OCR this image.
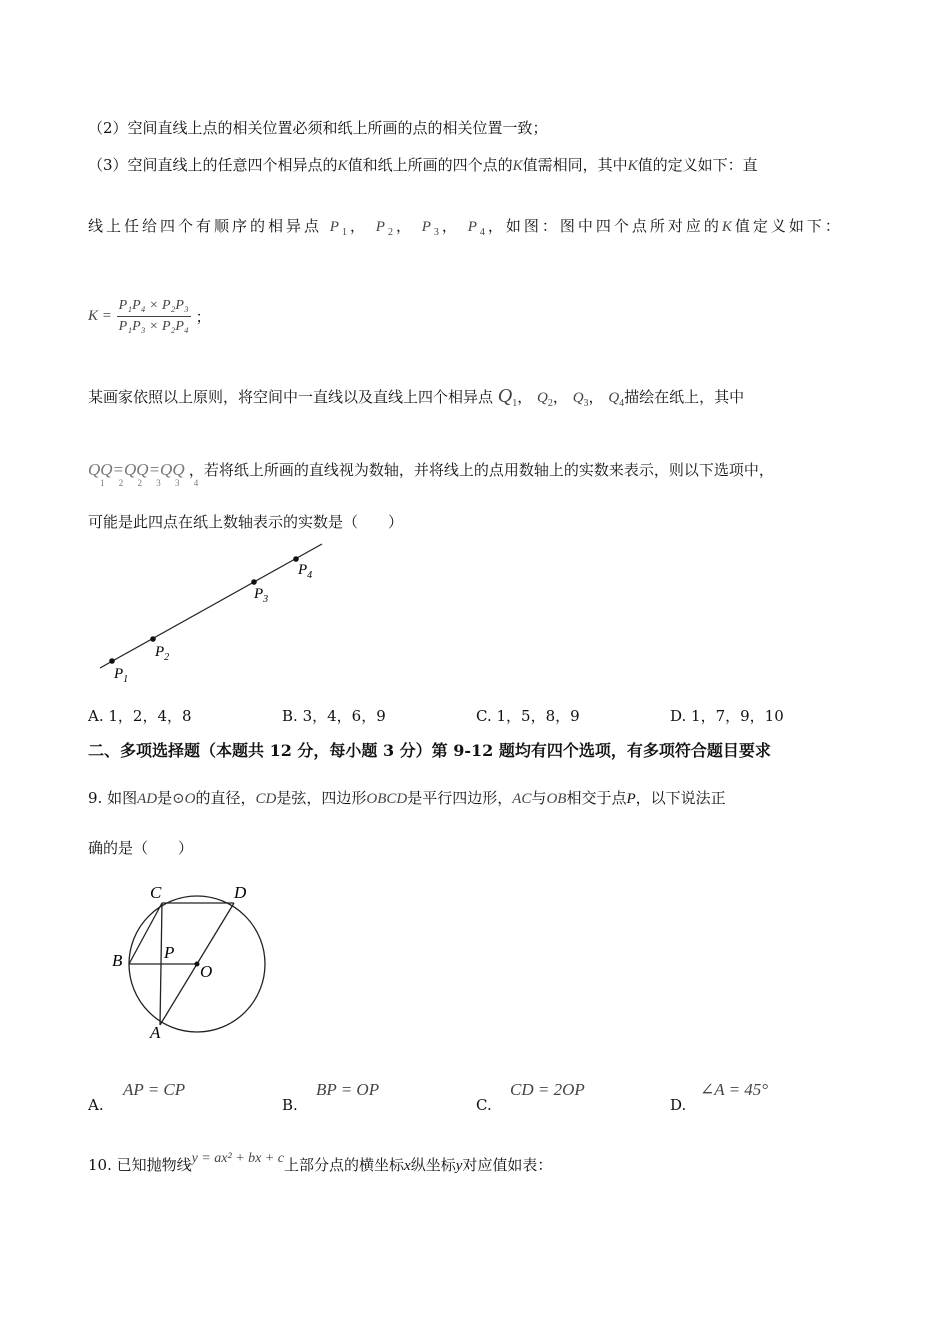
（2）空间直线上点的相关位置必须和纸上所画的点的相关位置一致；
（3）空间直线上的任意四个相异点的K值和纸上所画的四个点的K值需相同，其中K值的定义如下：直
线上任给四个有顺序的相异点 $P_1$， $P_2$， $P_3$， $P_4$，如图：图中四个点所对应的K值定义如下：
$K = \frac{\text{P₁P₄ × P₂P₃}}{\text{P₁P₃ × P₂P₄}}$ ；
某画家依照以上原则，将空间中一直线以及直线上四个相异点 $Q_1$， $Q_2$， $Q_3$， $Q_4$描绘在纸上，其中
QQ=QQ=QQ
1 2 2 3 3 4
，若将纸上所画的直线视为数轴，并将线上的点用数轴上的实数来表示，则以下选项中，
可能是此四点在纸上数轴表示的实数是（　　）
$P_1$
$P_2$
$P_3$
$P_4$
A. 1，2，4，8	B. 3，4，6，9	C. 1，5，8，9	D. 1，7，9，10
二、多项选择题（本题共 12 分，每小题 3 分）第 9-12 题均有四个选项，有多项符合题目要求
9. 如图AD是⊙O的直径，CD是弦，四边形OBCD是平行四边形，AC与OB相交于点P，以下说法正
确的是（　　）
C	D
B P
O
A
A.
AP = CP
B.
BP = OP
C.
CD = 2OP
D.
∠A = 45°
10. 已知抛物线y = ax² + bx + c上部分点的横坐标x纵坐标y对应值如表：
